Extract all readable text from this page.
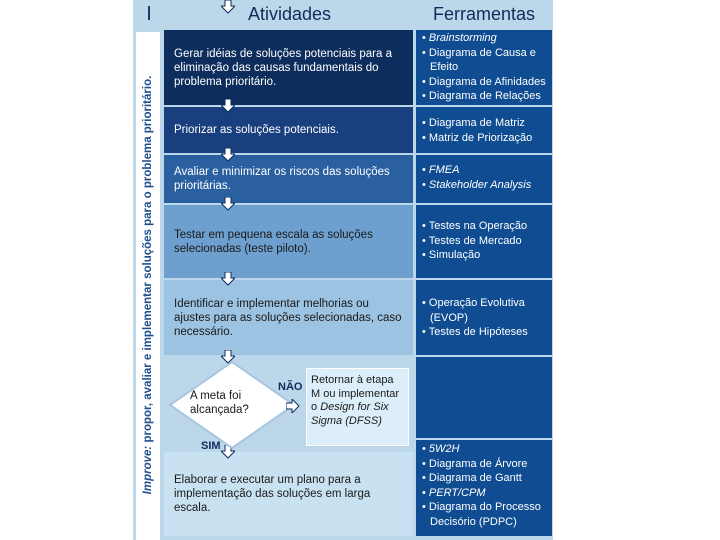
I	Atividades	Ferramentas
Improve: propor, avaliar e implementar soluções para o problema prioritário.
Gerar idéias de soluções potenciais para a eliminação das causas fundamentais do problema prioritário.
Priorizar as soluções potenciais.
Avaliar e minimizar os riscos das soluções prioritárias.
Testar em pequena escala as soluções selecionadas (teste piloto).
Identificar e implementar melhorias ou ajustes para as soluções selecionadas, caso necessário.
Elaborar e executar um plano para a implementação das soluções em larga escala.
A meta foi alcançada?
NÃO
SIM
Retornar à etapa M ou implementar o Design for Six Sigma (DFSS)
• Brainstorming
• Diagrama de Causa e Efeito
• Diagrama de Afinidades
• Diagrama de Relações
• Diagrama de Matriz
• Matriz de Priorização
• FMEA
• Stakeholder Analysis
• Testes na Operação
• Testes de Mercado
• Simulação
• Operação Evolutiva (EVOP)
• Testes de Hipóteses
• 5W2H
• Diagrama de Árvore
• Diagrama de Gantt
• PERT/CPM
• Diagrama do Processo Decisório (PDPC)
